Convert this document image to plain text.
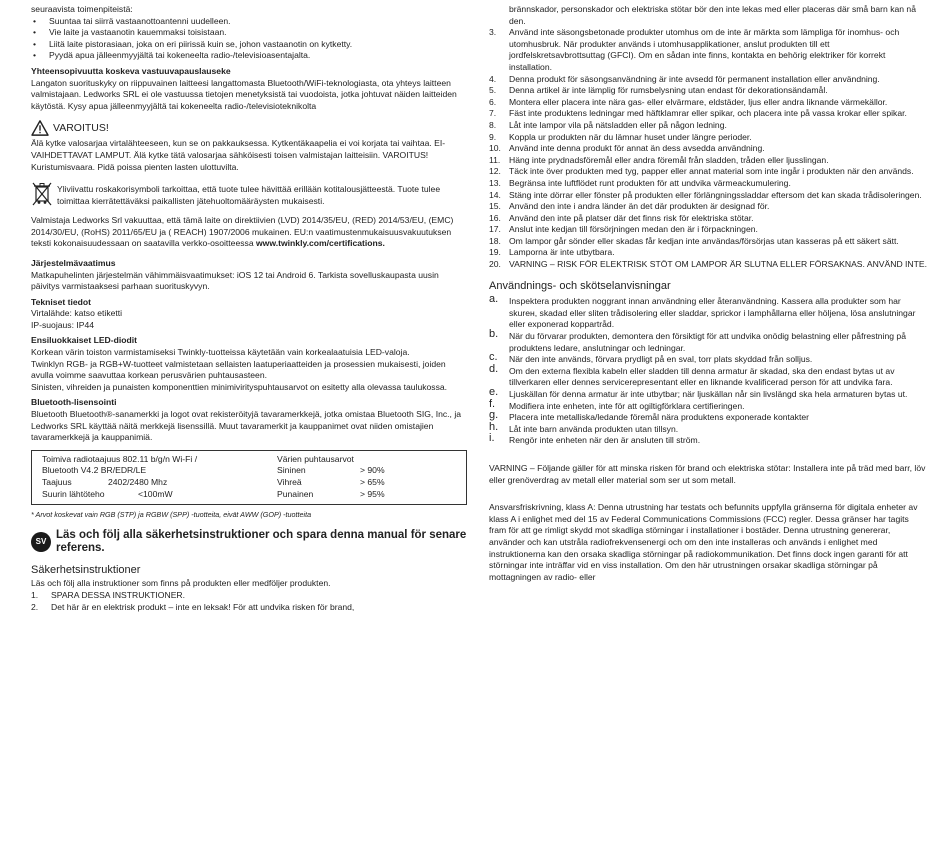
seuraavista toimenpiteistä:

• Suuntaa tai siirrä vastaanottoantenni uudelleen.
• Vie laite ja vastaanotin kauemmaksi toisistaan.
• Liitä laite pistorasiaan, joka on eri piirissä kuin se, johon vastaanotin on kytketty.
• Pyydä apua jälleenmyyjältä tai kokeneelta radio-/televisioasentajalta.

Yhteensopivuutta koskeva vastuuvapauslauseke

Langaton suorituskyky on riippuvainen laitteesi langattomasta Bluetooth/WiFi-teknologiasta, ota yhteys laitteen valmistajaan. Ledworks SRL ei ole vastuussa tietojen menetyksistä tai vuodoista, jotka johtuvat näiden laitteiden käytöstä. Kysy apua jälleenmyyjältä tai kokeneelta radio-/televisioteknikolta

VAROITUS!

Älä kytke valosarjaa virtalähteeseen, kun se on pakkauksessa. Kytkentäkaapelia ei voi korjata tai vaihtaa. EI-VAIHDETTAVAT LAMPUT. Älä kytke tätä valosarjaa sähköisesti toisen valmistajan laitteisiin. VAROITUS! Kuristumisvaara. Pidä poissa pienten lasten ulottuvilta.

Yliviivattu roskakorisymboli tarkoittaa, että tuote tulee hävittää erillään kotitalousjätteestä. Tuote tulee toimittaa kierrätettäväksi paikallisten jätehuoltomääräysten mukaisesti.

Valmistaja Ledworks Srl vakuuttaa, että tämä laite on direktiivien (LVD) 2014/35/EU, (RED) 2014/53/EU, (EMC) 2014/30/EU, (RoHS) 2011/65/EU ja ( REACH) 1907/2006 mukainen. EU:n vaatimustenmukaisuusvakuutuksen teksti kokonaisuudessaan on saatavilla verkko-osoitteessa www.twinkly.com/certifications.

Järjestelmävaatimus

Matkapuhelinten järjestelmän vähimmäisvaatimukset: iOS 12 tai Android 6. Tarkista sovelluskaupasta uusin päivitys varmistaaksesi parhaan suorituskyvyn.

Tekniset tiedot

Virtalähde: katso etiketti

IP-suojaus: IP44

Ensiluokkaiset LED-diodit

Korkean värin toiston varmistamiseksi Twinkly-tuotteissa käytetään vain korkealaatuisia LED-valoja.

Twinklyn RGB- ja RGB+W-tuotteet valmistetaan sellaisten laatuperiaatteiden ja prosessien mukaisesti, joiden avulla voimme saavuttaa korkean perusvärien puhtausasteen.

Sinisten, vihreiden ja punaisten komponenttien minimivirityspuhtausarvot on esitetty alla olevassa taulukossa.

Bluetooth-lisensointi

Bluetooth Bluetooth®-sanamerkki ja logot ovat rekisteröityjä tavaramerkkejä, jotka omistaa Bluetooth SIG, Inc., ja Ledworks SRL käyttää näitä merkkejä lisenssillä. Muut tavaramerkit ja kauppanimet ovat niiden omistajien tavaramerkkejä ja kauppanimiä.

Toimiva radiotaajuus 802.11 b/g/n Wi-Fi /

Bluetooth V4.2 BR/EDR/LE

Taajuus	2402/2480 Mhz
Suurin lähtöteho	<100mW

Värien puhtausarvot

Sininen	> 90%
Vihreä	> 65%
Punainen	> 95%

* Arvot koskevat vain RGB (STP) ja RGBW (SPP) -tuotteita, eivät AWW (GOP) -tuotteita

SV
Läs och följ alla säkerhetsinstruktioner och spara denna manual för senare referens.

Säkerhetsinstruktioner

Läs och följ alla instruktioner som finns på produkten eller medföljer produkten.

1. SPARA DESSA INSTRUKTIONER.
2. Det här är en elektrisk produkt – inte en leksak! För att undvika risken för brand,

brännskador, personskador och elektriska stötar bör den inte lekas med eller placeras där små barn kan nå den.

3. Använd inte säsongsbetonade produkter utomhus om de inte är märkta som lämpliga för inomhus- och utomhusbruk. När produkter används i utomhusapplikationer, anslut produkten till ett jordfelskretsavbrottsuttag (GFCI). Om en sådan inte finns, kontakta en behörig elektriker för korrekt installation.
4. Denna produkt för säsongsanvändning är inte avsedd för permanent installation eller användning.
5. Denna artikel är inte lämplig för rumsbelysning utan endast för dekorationsändamål.
6. Montera eller placera inte nära gas- eller elvärmare, eldstäder, ljus eller andra liknande värmekällor.
7. Fäst inte produktens ledningar med häftklamrar eller spikar, och placera inte på vassa krokar eller spikar.
8. Låt inte lampor vila på nätsladden eller på någon ledning.
9. Koppla ur produkten när du lämnar huset under längre perioder.
10. Använd inte denna produkt för annat än dess avsedda användning.
11. Häng inte prydnadsföremål eller andra föremål från sladden, tråden eller ljusslingan.
12. Täck inte över produkten med tyg, papper eller annat material som inte ingår i produkten när den används.
13. Begränsa inte luftflödet runt produkten för att undvika värmeackumulering.
14. Stäng inte dörrar eller fönster på produkten eller förlängningssladdar eftersom det kan skada trådisoleringen.
15. Använd den inte i andra länder än det där produkten är designad för.
16. Använd den inte på platser där det finns risk för elektriska stötar.
17. Anslut inte kedjan till försörjningen medan den är i förpackningen.
18. Om lampor går sönder eller skadas får kedjan inte användas/försörjas utan kasseras på ett säkert sätt.
19. Lamporna är inte utbytbara.
20. VARNING – RISK FÖR ELEKTRISK STÖT OM LAMPOR ÄR SLUTNA ELLER FÖRSAKNAS. ANVÄND INTE.

Användnings- och skötselanvisningar

a. Inspektera produkten noggrant innan användning eller återanvändning. Kassera alla produkter som har skurен, skadad eller sliten trådisolering eller sladdar, sprickor i lamphållarna eller höljena, lösa anslutningar eller exponerad koppartråd.
b. När du förvarar produkten, demontera den försiktigt för att undvika onödig belastning eller påfrestning på produktens ledare, anslutningar och ledningar.
c. När den inte används, förvara prydligt på en sval, torr plats skyddad från solljus.
d. Om den externa flexibla kabeln eller sladden till denna armatur är skadad, ska den endast bytas ut av tillverkaren eller dennes servicerepresentant eller en liknande kvalificerad person för att undvika fara.
e. Ljuskällan för denna armatur är inte utbytbar; när ljuskällan når sin livslängd ska hela armaturen bytas ut.
f. Modifiera inte enheten, inte för att ogiltigförklara certifieringen.
g. Placera inte metalliska/ledande föremål nära produktens exponerade kontakter
h. Låt inte barn använda produkten utan tillsyn.
i. Rengör inte enheten när den är ansluten till ström.

VARNING – Följande gäller för att minska risken för brand och elektriska stötar: Installera inte på träd med barr, löv eller grenöverdrag av metall eller material som ser ut som metall.

Ansvarsfriskrivning, klass A: Denna utrustning har testats och befunnits uppfylla gränserna för digitala enheter av klass A i enlighet med del 15 av Federal Communications Commissions (FCC) regler. Dessa gränser har tagits fram för att ge rimligt skydd mot skadliga störningar i installationer i bostäder. Denna utrustning genererar, använder och kan utstråla radiofrekvensenergi och om den inte installeras och används i enlighet med instruktionerna kan den orsaka skadliga störningar på radiokommunikation. Det finns dock ingen garanti för att störningar inte inträffar vid en viss installation. Om den här utrustningen orsakar skadliga störningar på mottagningen av radio- eller
